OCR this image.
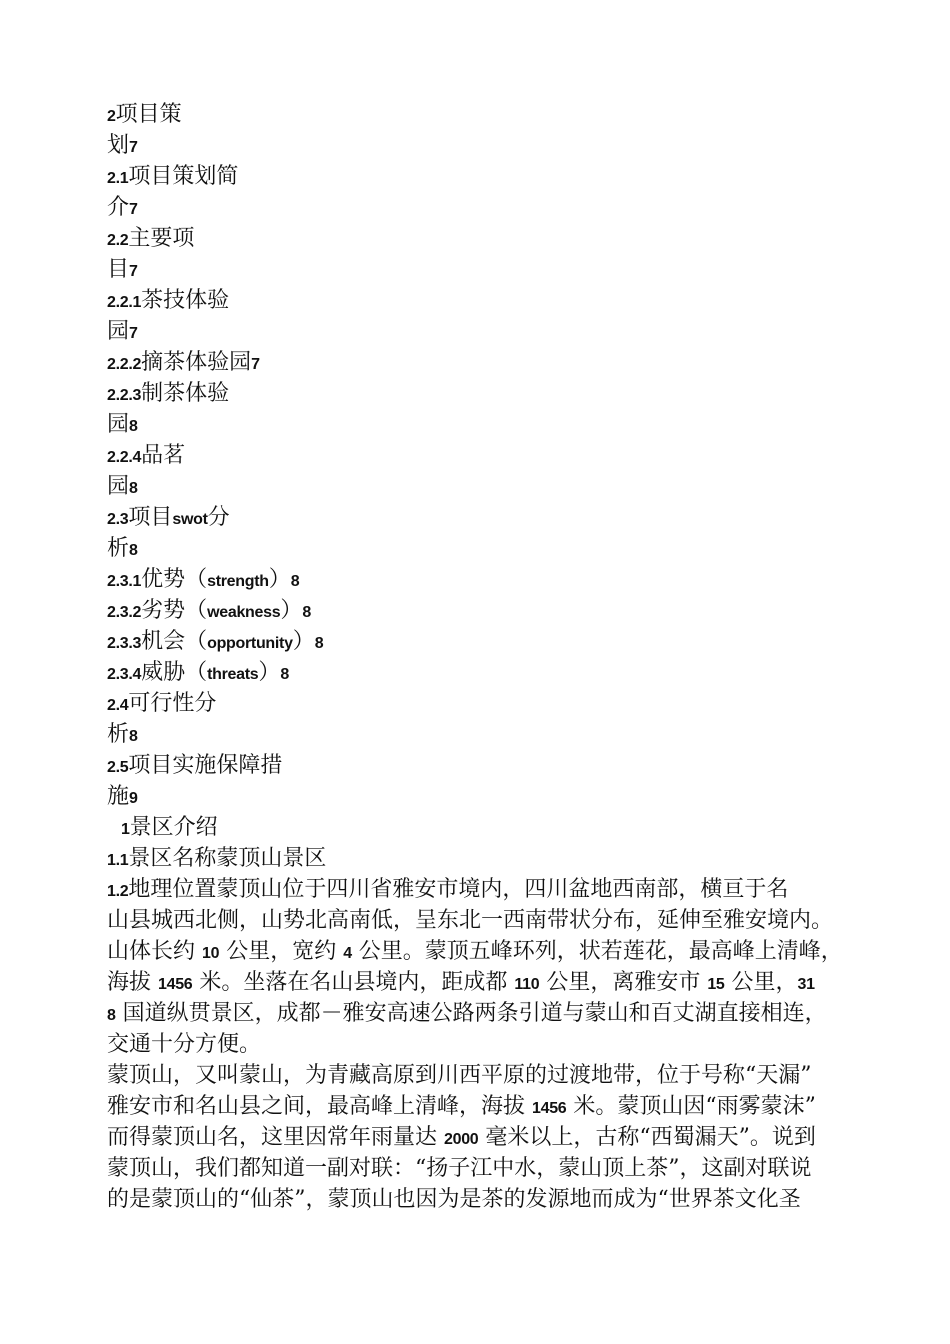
2项目策
划7
2.1项目策划简
介7
2.2主要项
目7
2.2.1茶技体验
园7
2.2.2摘茶体验园7
2.2.3制茶体验
园8
2.2.4品茗
园8
2.3项目swot分
析8
2.3.1优势（strength）8
2.3.2劣势（weakness）8
2.3.3机会（opportunity）8
2.3.4威胁（threats）8
2.4可行性分
析8
2.5项目实施保障措
施9
1景区介绍
1.1景区名称蒙顶山景区
1.2地理位置蒙顶山位于四川省雅安市境内，四川盆地西南部，横亘于名
山县城西北侧，山势北高南低，呈东北一西南带状分布，延伸至雅安境内。
山体长约 10 公里，宽约 4 公里。蒙顶五峰环列，状若莲花，最高峰上清峰，
海拔 1456 米。坐落在名山县境内，距成都 110 公里，离雅安市 15 公里，31
8 国道纵贯景区，成都－雅安高速公路两条引道与蒙山和百丈湖直接相连，
交通十分方便。
蒙顶山，又叫蒙山，为青藏高原到川西平原的过渡地带，位于号称“天漏”
雅安市和名山县之间，最高峰上清峰，海拔 1456 米。蒙顶山因“雨雾蒙沫”
而得蒙顶山名，这里因常年雨量达 2000 毫米以上，古称“西蜀漏天”。说到
蒙顶山，我们都知道一副对联：“扬子江中水，蒙山顶上茶”，这副对联说
的是蒙顶山的“仙茶”，蒙顶山也因为是茶的发源地而成为“世界茶文化圣
